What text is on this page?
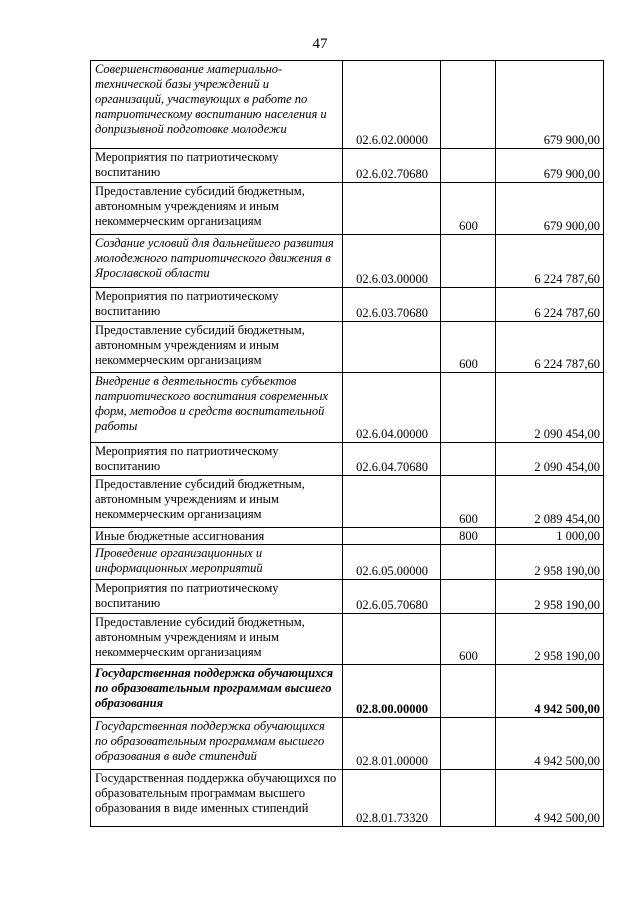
47
Совершенствование материально-технической базы учреждений и организаций, участвующих в работе по патриотическому воспитанию населения и допризывной подготовке молодежи	02.6.02.00000		679 900,00
Мероприятия по патриотическому воспитанию	02.6.02.70680		679 900,00
Предоставление субсидий бюджетным, автономным учреждениям и иным некоммерческим организациям		600	679 900,00
Создание условий для дальнейшего развития молодежного патриотического движения в Ярославской области	02.6.03.00000		6 224 787,60
Мероприятия по патриотическому воспитанию	02.6.03.70680		6 224 787,60
Предоставление субсидий бюджетным, автономным учреждениям и иным некоммерческим организациям		600	6 224 787,60
Внедрение в деятельность субъектов патриотического воспитания современных форм, методов и средств воспитательной работы	02.6.04.00000		2 090 454,00
Мероприятия по патриотическому воспитанию	02.6.04.70680		2 090 454,00
Предоставление субсидий бюджетным, автономным учреждениям и иным некоммерческим организациям		600	2 089 454,00
Иные бюджетные ассигнования		800	1 000,00
Проведение организационных и информационных мероприятий	02.6.05.00000		2 958 190,00
Мероприятия по патриотическому воспитанию	02.6.05.70680		2 958 190,00
Предоставление субсидий бюджетным, автономным учреждениям и иным некоммерческим организациям		600	2 958 190,00
Государственная поддержка обучающихся по образовательным программам высшего образования	02.8.00.00000		4 942 500,00
Государственная поддержка обучающихся по образовательным программам высшего образования в виде стипендий	02.8.01.00000		4 942 500,00
Государственная поддержка обучающихся по образовательным программам высшего образования в виде именных стипендий	02.8.01.73320		4 942 500,00
